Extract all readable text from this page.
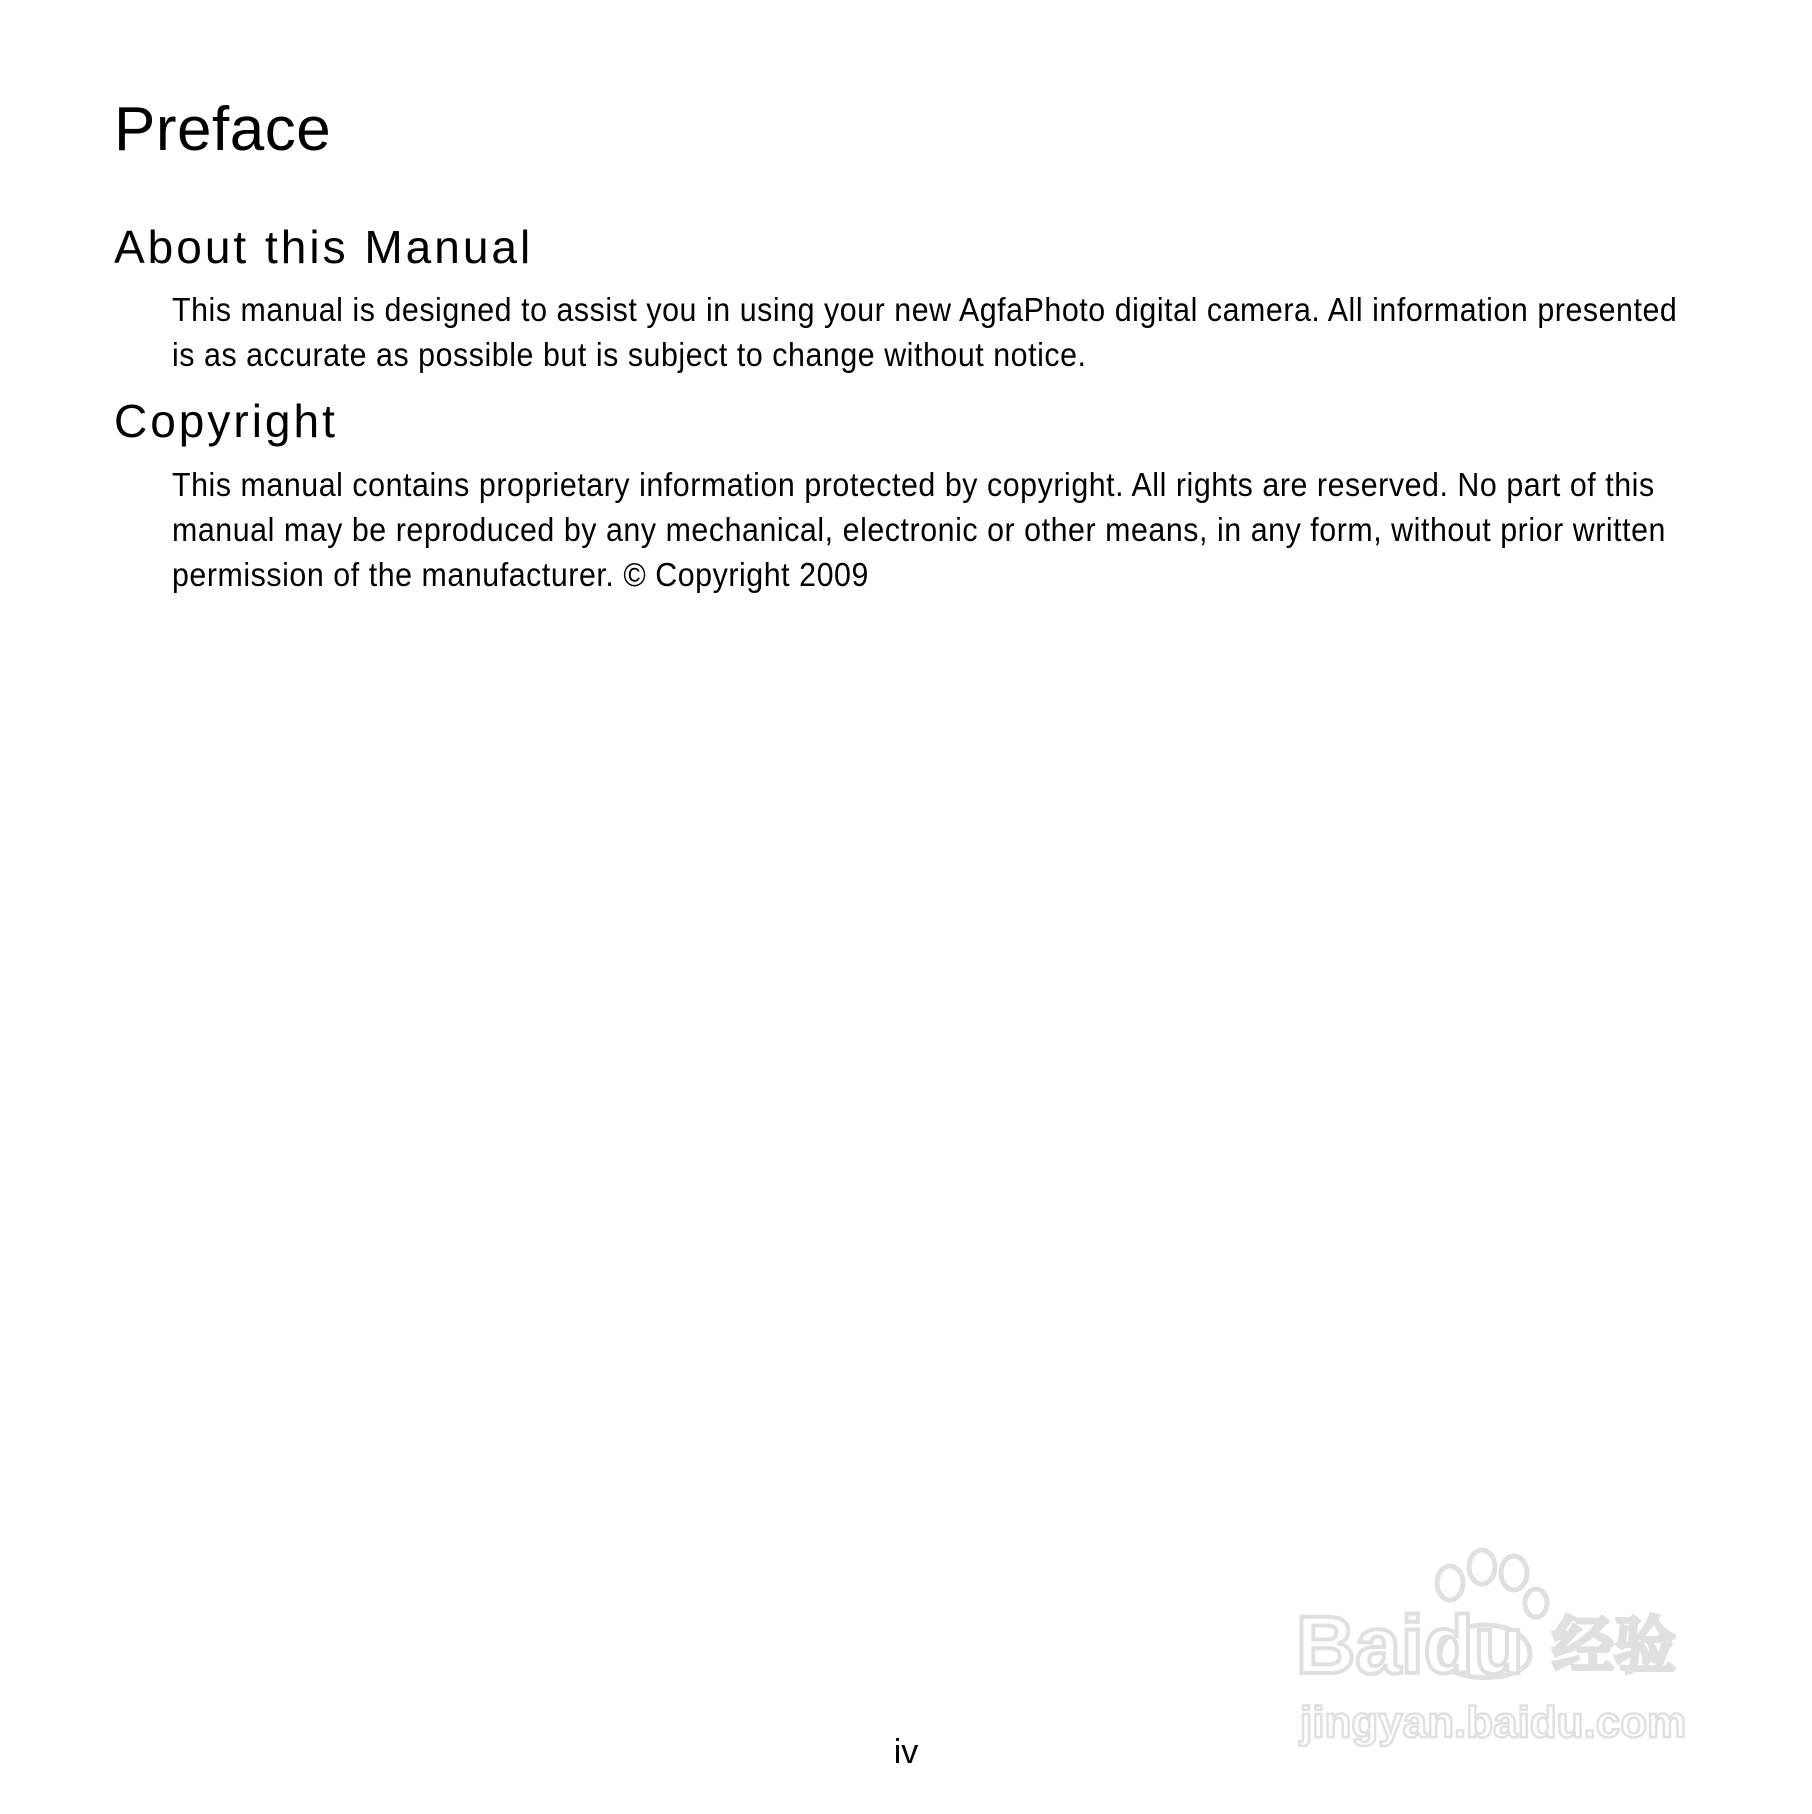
Preface
About this Manual

This manual is designed to assist you in using your new AgfaPhoto digital camera. All information presented is as accurate as possible but is subject to change without notice.

Copyright

This manual contains proprietary information protected by copyright. All rights are reserved. No part of this manual may be reproduced by any mechanical, electronic or other means, in any form, without prior written permission of the manufacturer. © Copyright 2009

iv
Baidu 经验
jingyan.baidu.com
